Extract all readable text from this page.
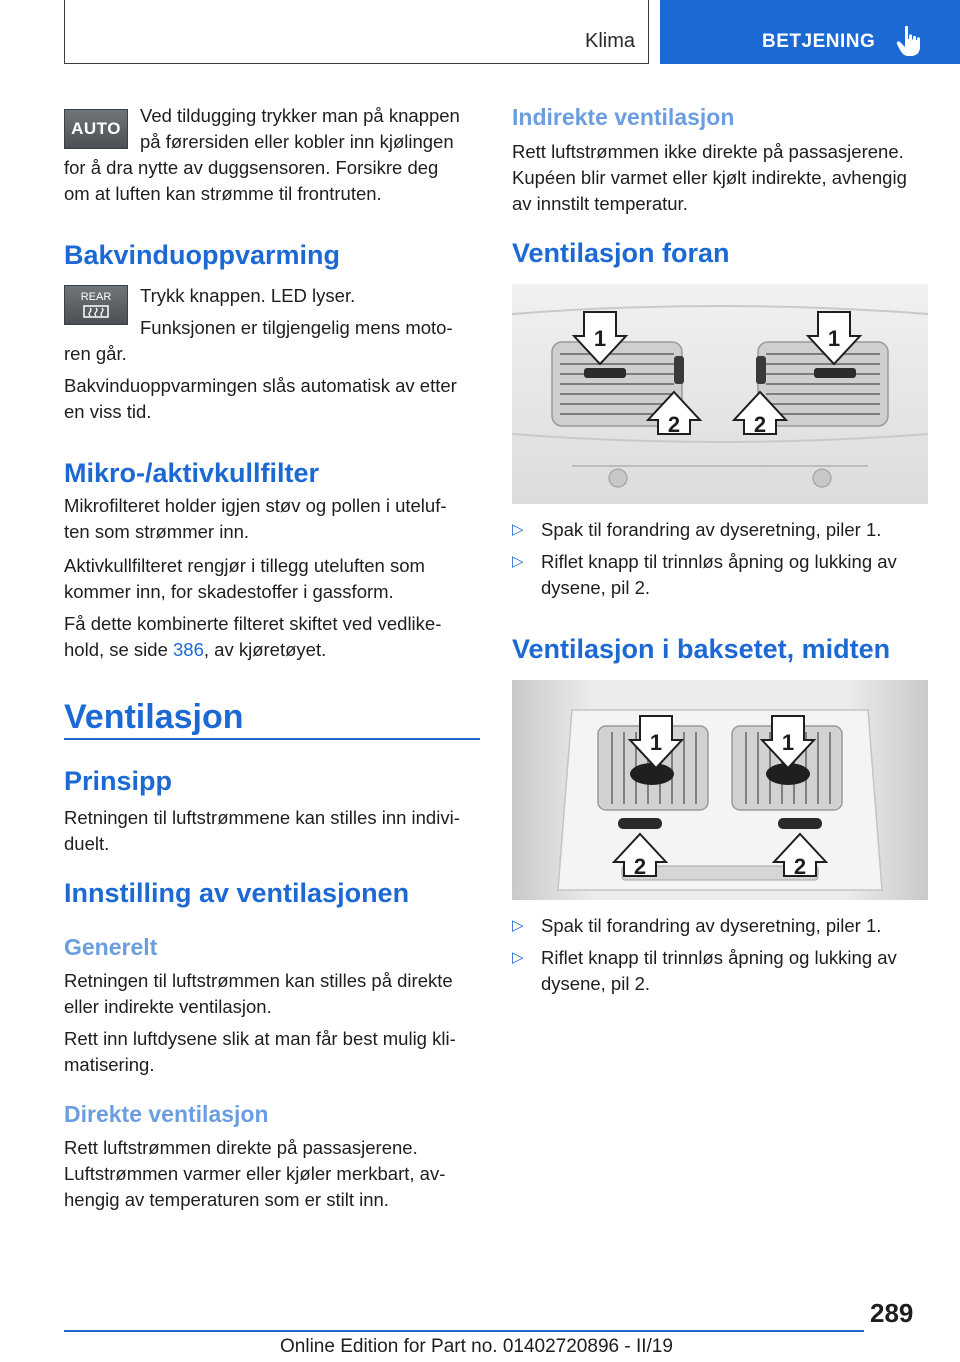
Klima	BETJENING
AUTO
Ved tildugging trykker man på knappen
på førersiden eller kobler inn kjølingen
for å dra nytte av duggsensoren. Forsikre deg
om at luften kan strømme til frontruten.
Bakvinduoppvarming
REAR	Trykk knappen. LED lyser.
Funksjonen er tilgjengelig mens moto-
ren går.
Bakvinduoppvarmingen slås automatisk av etter
en viss tid.
Mikro-/aktivkullfilter
Mikrofilteret holder igjen støv og pollen i uteluf-
ten som strømmer inn.
Aktivkullfilteret rengjør i tillegg uteluften som
kommer inn, for skadestoffer i gassform.
Få dette kombinerte filteret skiftet ved vedlike-
hold, se side 386, av kjøretøyet.
Ventilasjon
Prinsipp
Retningen til luftstrømmene kan stilles inn indivi-
duelt.
Innstilling av ventilasjonen
Generelt
Retningen til luftstrømmen kan stilles på direkte
eller indirekte ventilasjon.
Rett inn luftdysene slik at man får best mulig kli-
matisering.
Direkte ventilasjon
Rett luftstrømmen direkte på passasjerene.
Luftstrømmen varmer eller kjøler merkbart, av-
hengig av temperaturen som er stilt inn.
Indirekte ventilasjon
Rett luftstrømmen ikke direkte på passasjerene.
Kupéen blir varmet eller kjølt indirekte, avhengig
av innstilt temperatur.
Ventilasjon foran
1	1
2	2
▷ Spak til forandring av dyseretning, piler 1.
▷ Riflet knapp til trinnløs åpning og lukking av
dysene, pil 2.
Ventilasjon i baksetet, midten
1	1
2	2
▷ Spak til forandring av dyseretning, piler 1.
▷ Riflet knapp til trinnløs åpning og lukking av
dysene, pil 2.
289
Online Edition for Part no. 01402720896 - II/19
